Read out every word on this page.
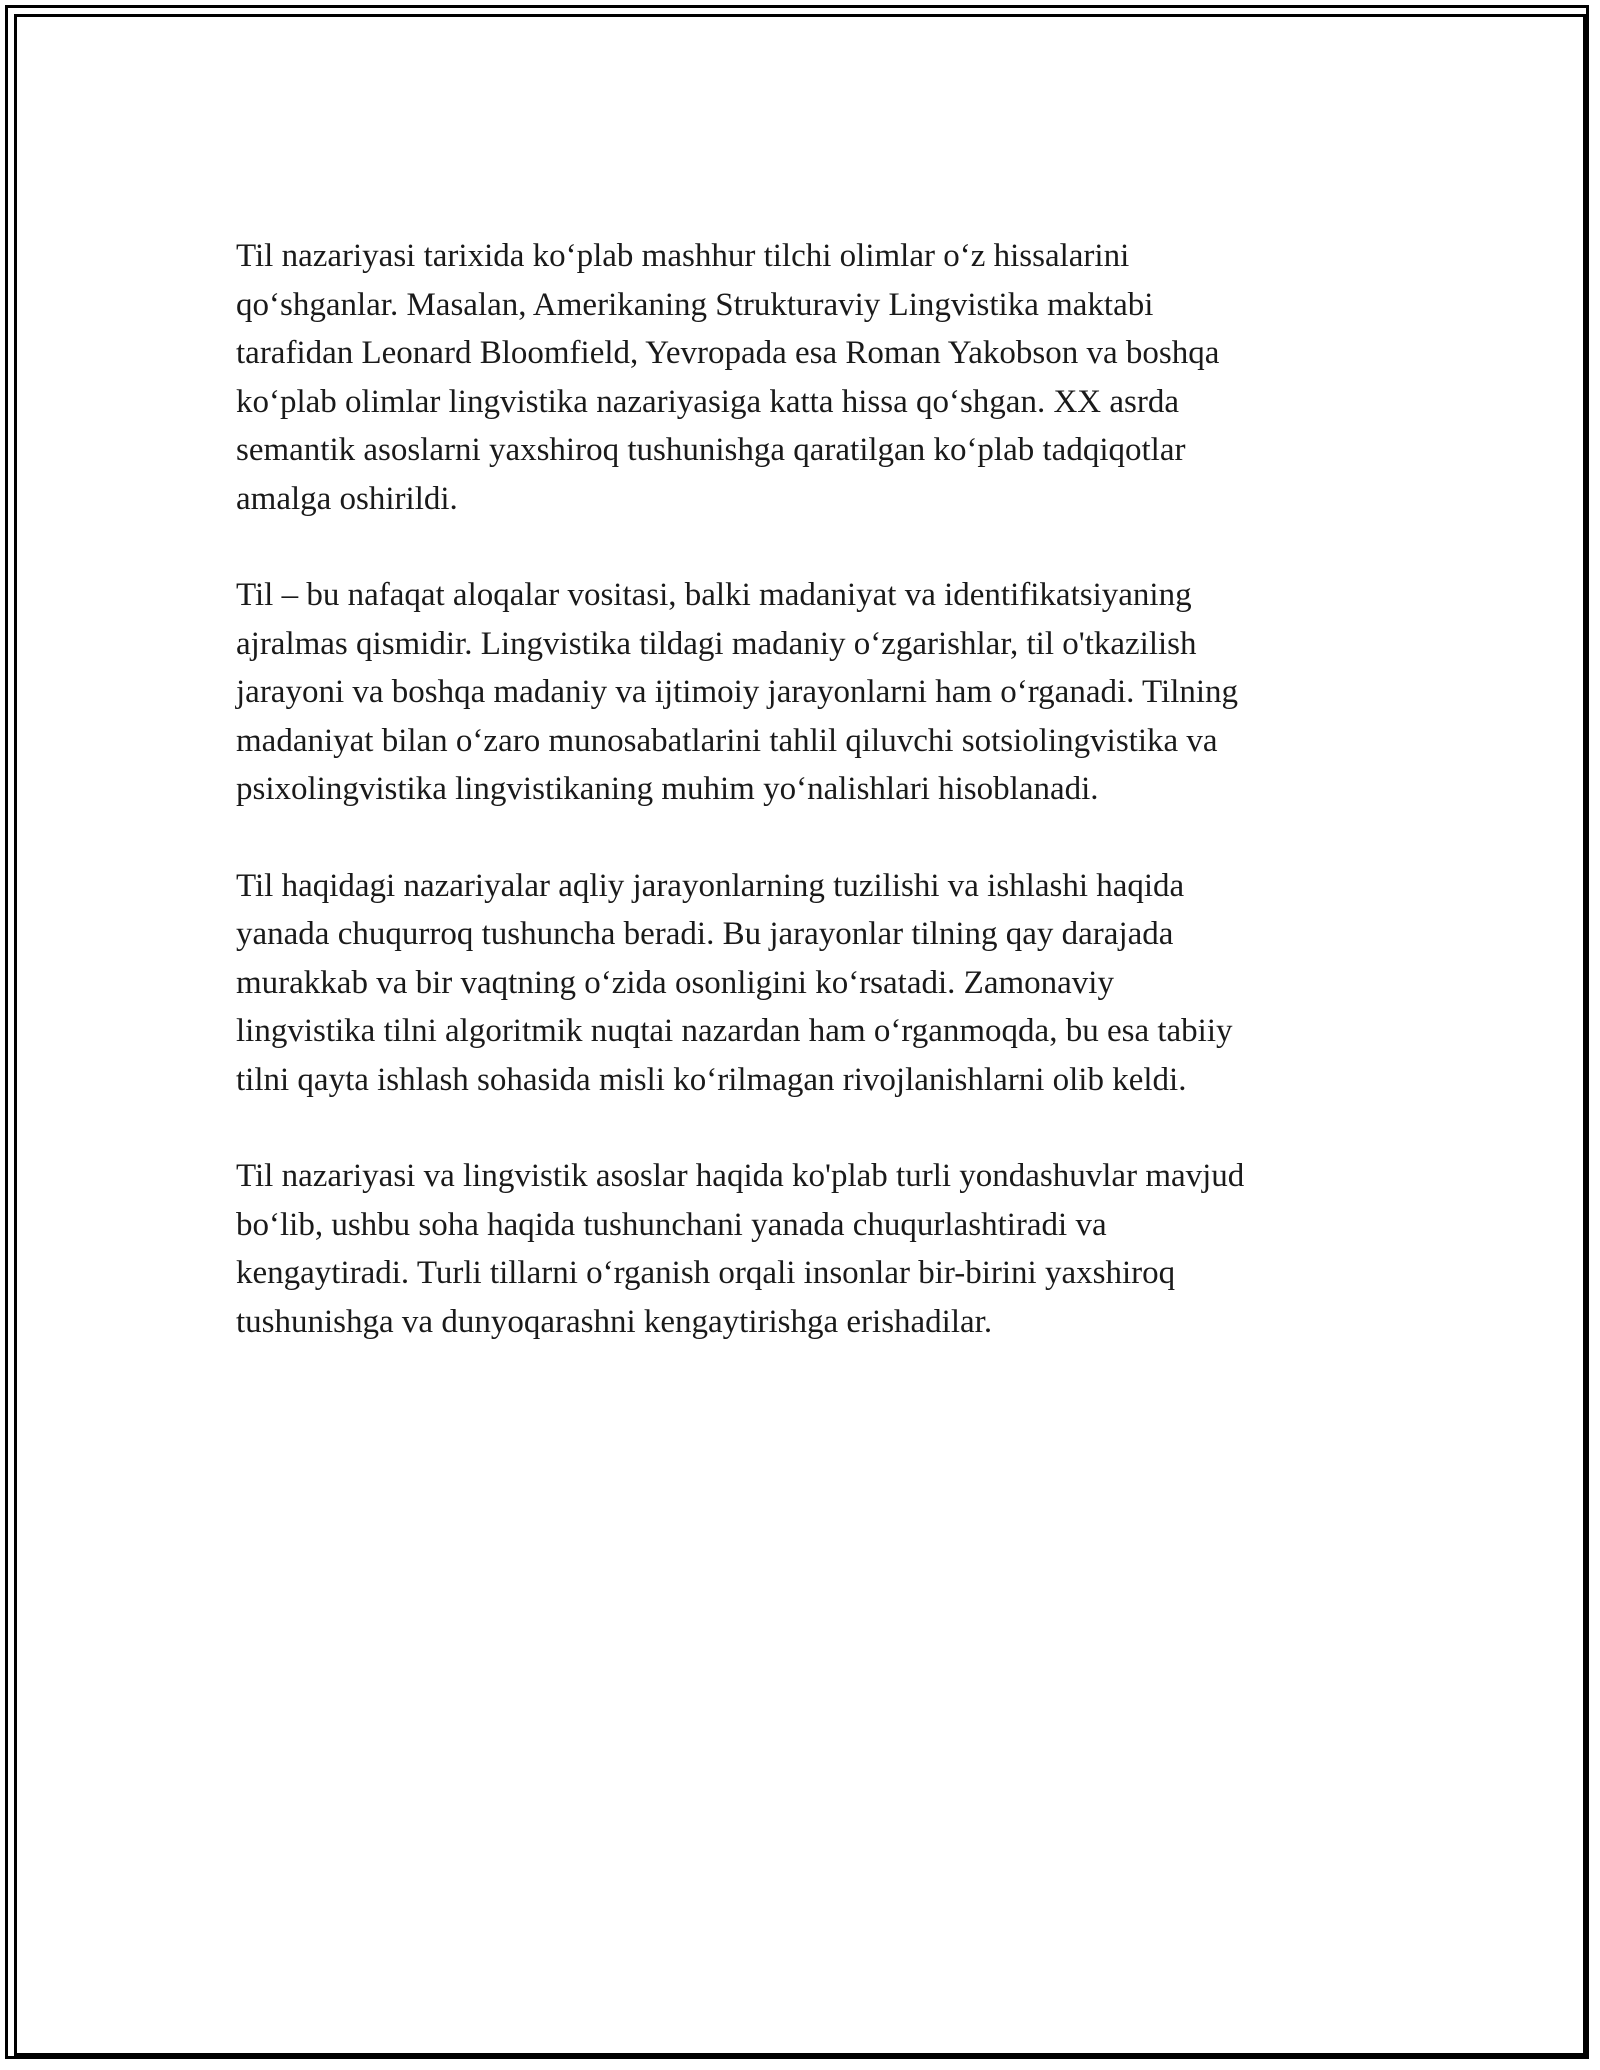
Til nazariyasi tarixida ko‘plab mashhur tilchi olimlar o‘z hissalarini
qo‘shganlar. Masalan, Amerikaning Strukturaviy Lingvistika maktabi
tarafidan Leonard Bloomfield, Yevropada esa Roman Yakobson va boshqa
ko‘plab olimlar lingvistika nazariyasiga katta hissa qo‘shgan. XX asrda
semantik asoslarni yaxshiroq tushunishga qaratilgan ko‘plab tadqiqotlar
amalga oshirildi.

Til – bu nafaqat aloqalar vositasi, balki madaniyat va identifikatsiyaning
ajralmas qismidir. Lingvistika tildagi madaniy o‘zgarishlar, til o'tkazilish
jarayoni va boshqa madaniy va ijtimoiy jarayonlarni ham o‘rganadi. Tilning
madaniyat bilan o‘zaro munosabatlarini tahlil qiluvchi sotsiolingvistika va
psixolingvistika lingvistikaning muhim yo‘nalishlari hisoblanadi.

Til haqidagi nazariyalar aqliy jarayonlarning tuzilishi va ishlashi haqida
yanada chuqurroq tushuncha beradi. Bu jarayonlar tilning qay darajada
murakkab va bir vaqtning o‘zida osonligini ko‘rsatadi. Zamonaviy
lingvistika tilni algoritmik nuqtai nazardan ham o‘rganmoqda, bu esa tabiiy
tilni qayta ishlash sohasida misli ko‘rilmagan rivojlanishlarni olib keldi.

Til nazariyasi va lingvistik asoslar haqida ko'plab turli yondashuvlar mavjud
bo‘lib, ushbu soha haqida tushunchani yanada chuqurlashtiradi va
kengaytiradi. Turli tillarni o‘rganish orqali insonlar bir-birini yaxshiroq
tushunishga va dunyoqarashni kengaytirishga erishadilar.
